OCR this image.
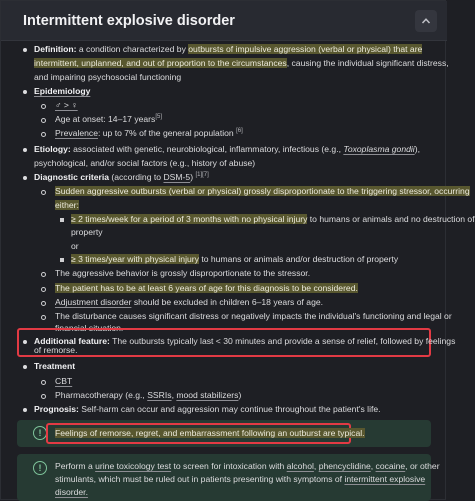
Intermittent explosive disorder
Definition: a condition characterized by outbursts of impulsive aggression (verbal or physical) that are
intermittent, unplanned, and out of proportion to the circumstances, causing the individual significant distress,
and impairing psychosocial functioning
Epidemiology
♂ > ♀
Age at onset: 14–17 years[5]
Prevalence: up to 7% of the general population [6]
Etiology: associated with genetic, neurobiological, inflammatory, infectious (e.g., Toxoplasma gondii),
psychological, and/or social factors (e.g., history of abuse)
Diagnostic criteria (according to DSM-5) [1][7]
Sudden aggressive outbursts (verbal or physical) grossly disproportionate to the triggering stressor, occurring
either:
≥ 2 times/week for a period of 3 months with no physical injury to humans or animals and no destruction of
property
or
≥ 3 times/year with physical injury to humans or animals and/or destruction of property
The aggressive behavior is grossly disproportionate to the stressor.
The patient has to be at least 6 years of age for this diagnosis to be considered.
Adjustment disorder should be excluded in children 6–18 years of age.
The disturbance causes significant distress or negatively impacts the individual's functioning and legal or
financial situation.
Additional feature: The outbursts typically last < 30 minutes and provide a sense of relief, followed by feelings
of remorse.
Treatment
CBT
Pharmacotherapy (e.g., SSRIs, mood stabilizers)
Prognosis: Self-harm can occur and aggression may continue throughout the patient's life.
!	Feelings of remorse, regret, and embarrassment following an outburst are typical.
!	Perform a urine toxicology test to screen for intoxication with alcohol, phencyclidine, cocaine, or other
stimulants, which must be ruled out in patients presenting with symptoms of intermittent explosive
disorder.
